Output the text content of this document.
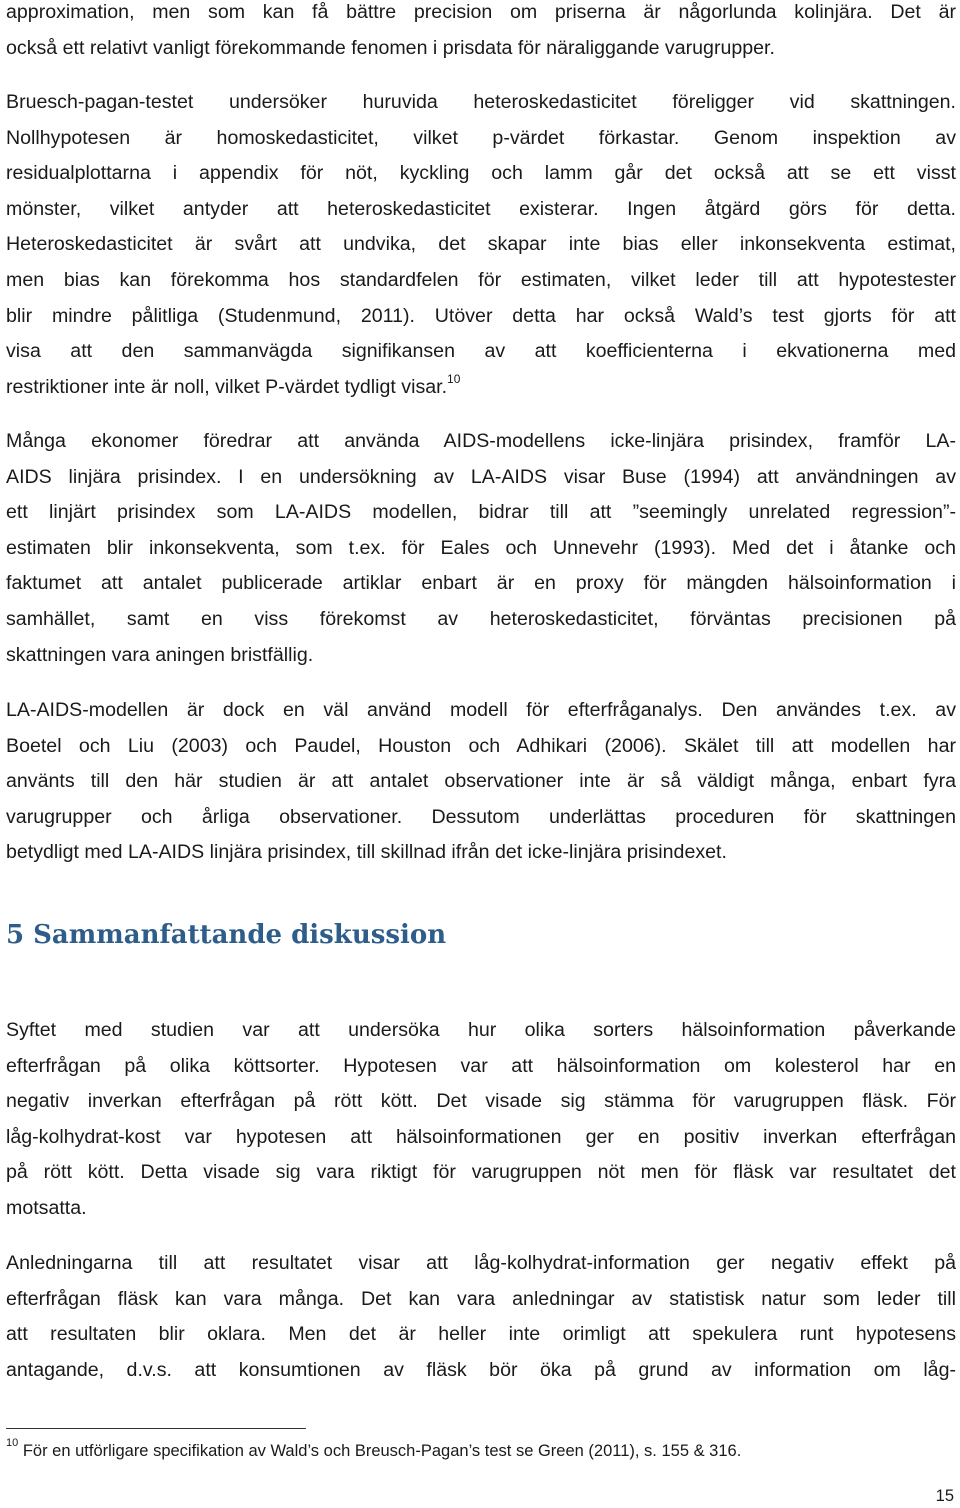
approximation, men som kan få bättre precision om priserna är någorlunda kolinjära. Det är
också ett relativt vanligt förekommande fenomen i prisdata för näraliggande varugrupper.
Bruesch-pagan-testet undersöker huruvida heteroskedasticitet föreligger vid skattningen.
Nollhypotesen är homoskedasticitet, vilket p-värdet förkastar. Genom inspektion av
residualplottarna i appendix för nöt, kyckling och lamm går det också att se ett visst
mönster, vilket antyder att heteroskedasticitet existerar. Ingen åtgärd görs för detta.
Heteroskedasticitet är svårt att undvika, det skapar inte bias eller inkonsekventa estimat,
men bias kan förekomma hos standardfelen för estimaten, vilket leder till att hypotestester
blir mindre pålitliga (Studenmund, 2011). Utöver detta har också Wald’s test gjorts för att
visa att den sammanvägda signifikansen av att koefficienterna i ekvationerna med
restriktioner inte är noll, vilket P-värdet tydligt visar.$^{10}$
Många ekonomer föredrar att använda AIDS-modellens icke-linjära prisindex, framför LA-
AIDS linjära prisindex. I en undersökning av LA-AIDS visar Buse (1994) att användningen av
ett linjärt prisindex som LA-AIDS modellen, bidrar till att ”seemingly unrelated regression”-
estimaten blir inkonsekventa, som t.ex. för Eales och Unnevehr (1993). Med det i åtanke och
faktumet att antalet publicerade artiklar enbart är en proxy för mängden hälsoinformation i
samhället, samt en viss förekomst av heteroskedasticitet, förväntas precisionen på
skattningen vara aningen bristfällig.
LA-AIDS-modellen är dock en väl använd modell för efterfråganalys. Den användes t.ex. av
Boetel och Liu (2003) och Paudel, Houston och Adhikari (2006). Skälet till att modellen har
använts till den här studien är att antalet observationer inte är så väldigt många, enbart fyra
varugrupper och årliga observationer. Dessutom underlättas proceduren för skattningen
betydligt med LA-AIDS linjära prisindex, till skillnad ifrån det icke-linjära prisindexet.
5 Sammanfattande diskussion
Syftet med studien var att undersöka hur olika sorters hälsoinformation påverkande
efterfrågan på olika köttsorter. Hypotesen var att hälsoinformation om kolesterol har en
negativ inverkan efterfrågan på rött kött. Det visade sig stämma för varugruppen fläsk. För
låg-kolhydrat-kost var hypotesen att hälsoinformationen ger en positiv inverkan efterfrågan
på rött kött. Detta visade sig vara riktigt för varugruppen nöt men för fläsk var resultatet det
motsatta.
Anledningarna till att resultatet visar att låg-kolhydrat-information ger negativ effekt på
efterfrågan fläsk kan vara många. Det kan vara anledningar av statistisk natur som leder till
att resultaten blir oklara. Men det är heller inte orimligt att spekulera runt hypotesens
antagande, d.v.s. att konsumtionen av fläsk bör öka på grund av information om låg-
$^{10}$ För en utförligare specifikation av Wald’s och Breusch-Pagan’s test se Green (2011), s. 155 & 316.
15
